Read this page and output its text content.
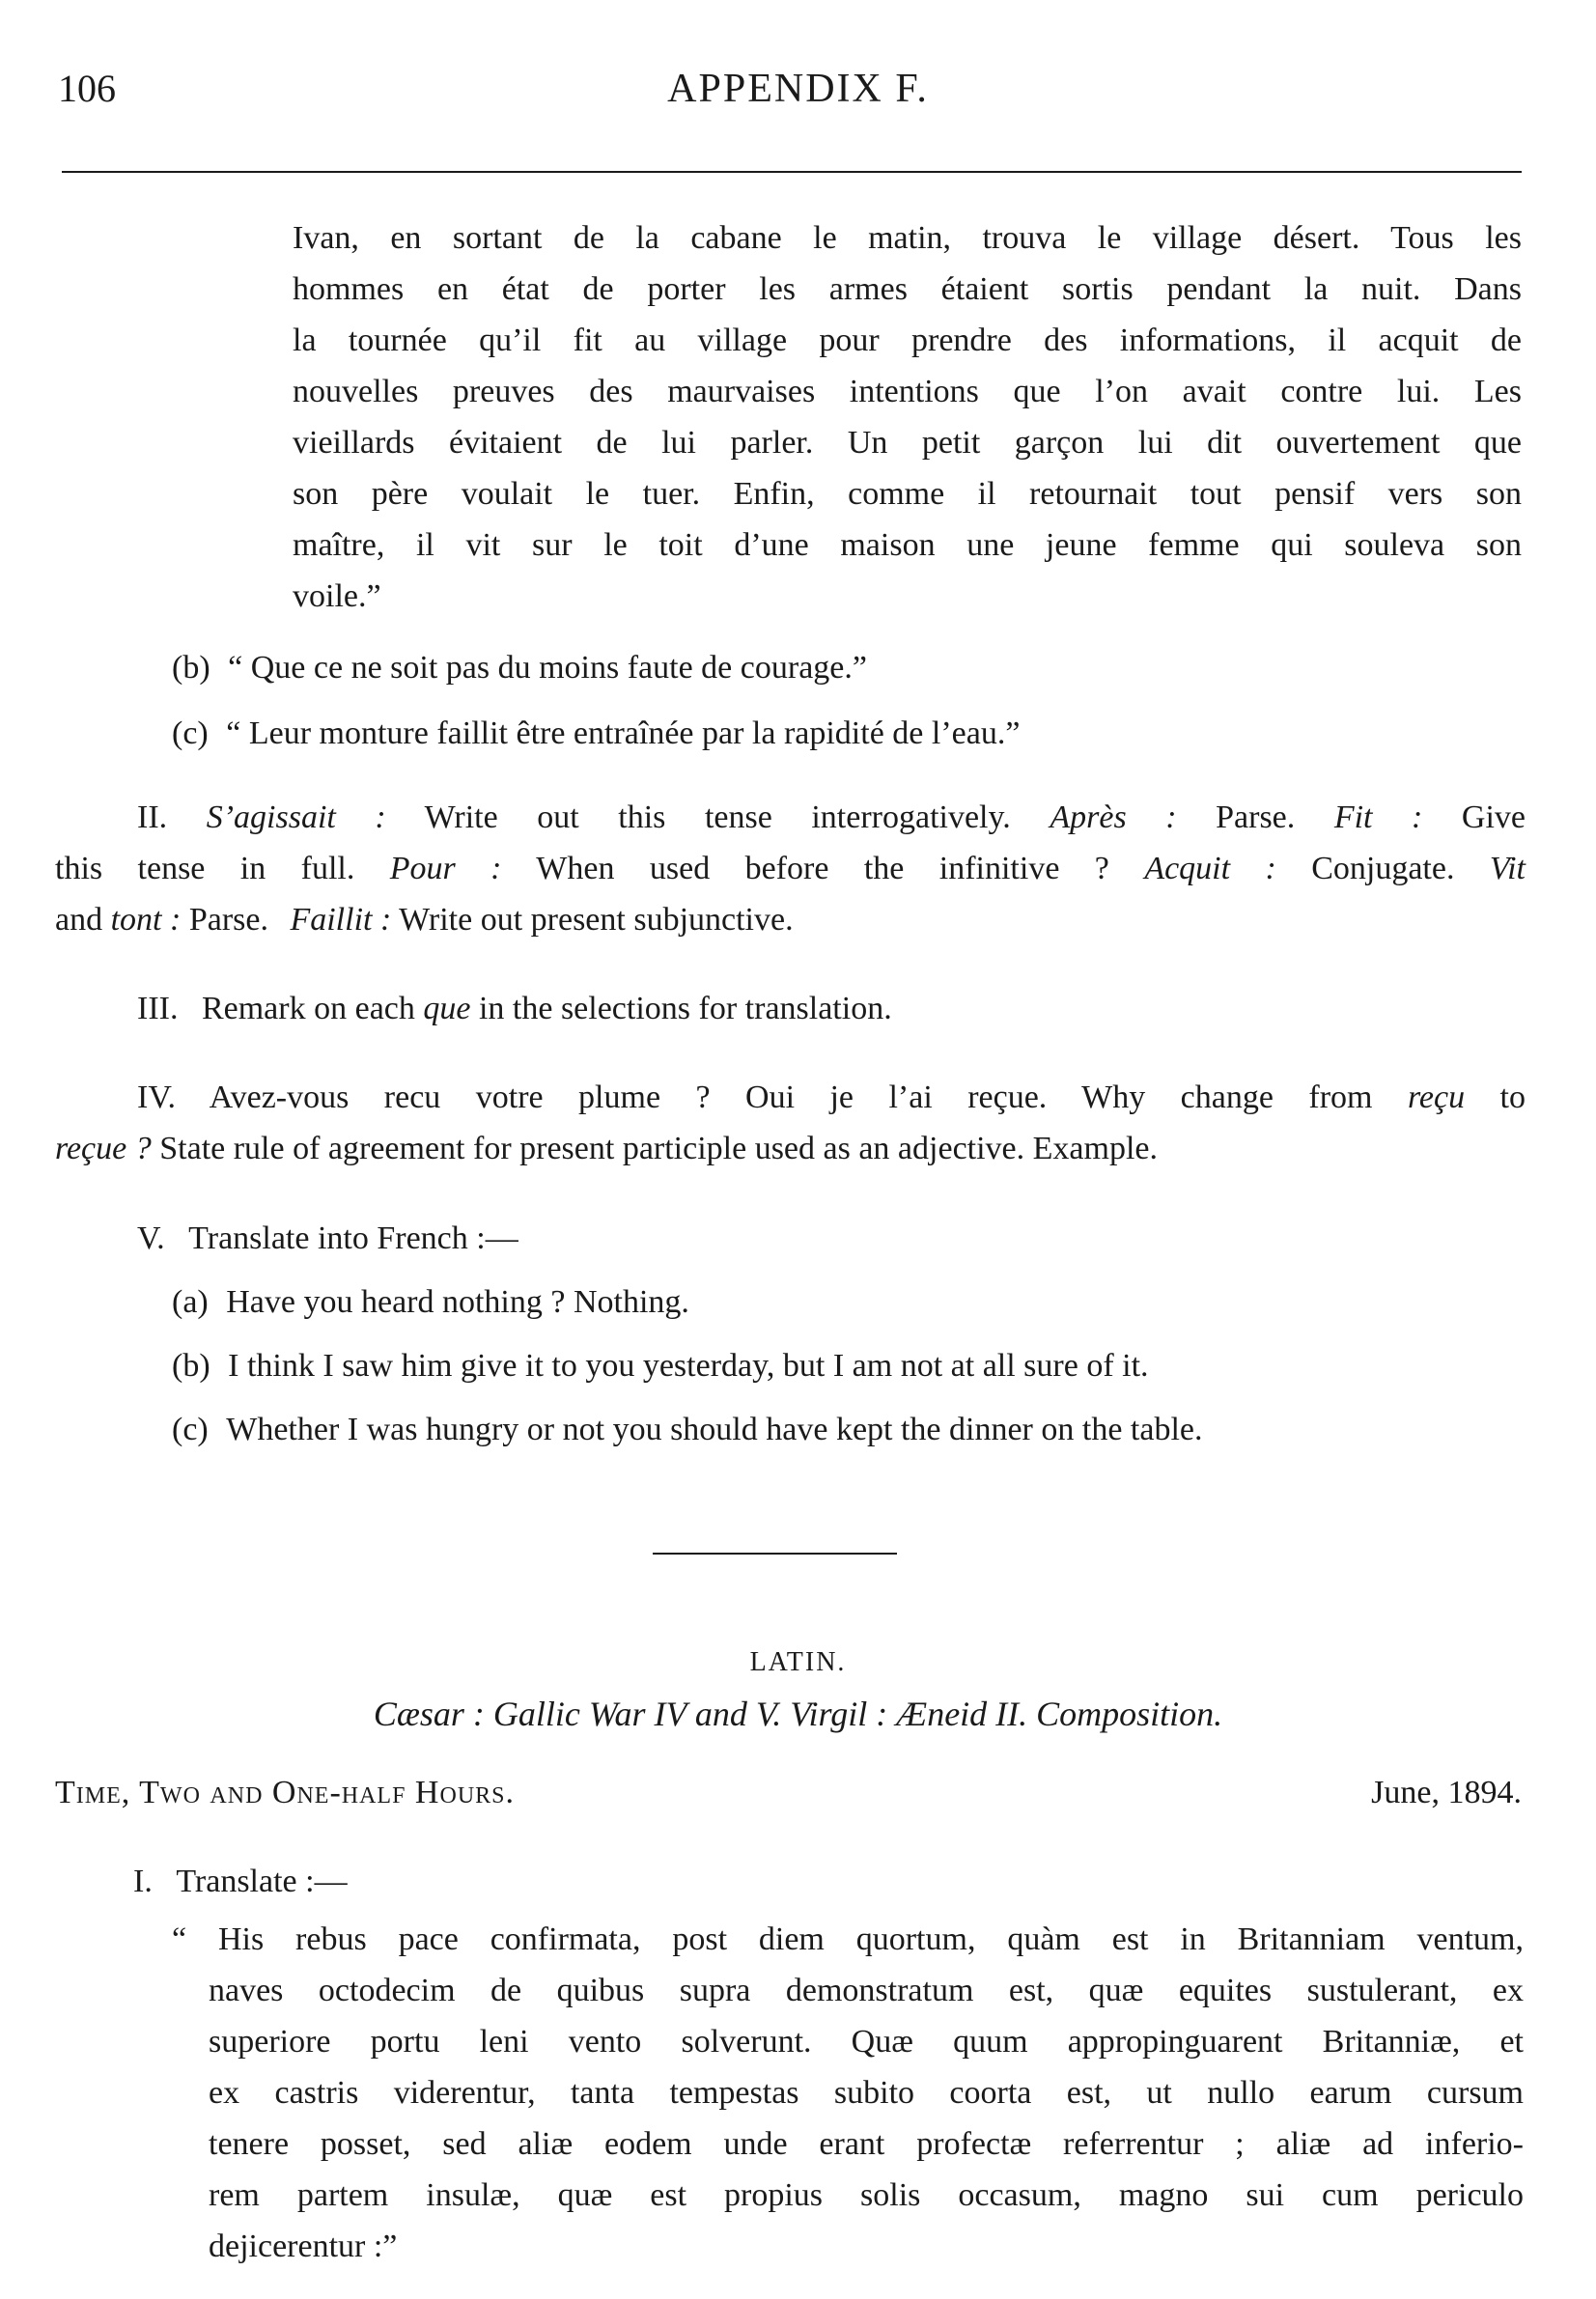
106	APPENDIX F.
Ivan, en sortant de la cabane le matin, trouva le village désert. Tous les
hommes en état de porter les armes étaient sortis pendant la nuit. Dans
la tournée qu’il fit au village pour prendre des informations, il acquit de
nouvelles preuves des maurvaises intentions que l’on avait contre lui. Les
vieillards évitaient de lui parler. Un petit garçon lui dit ouvertement que
son père voulait le tuer. Enfin, comme il retournait tout pensif vers son
maître, il vit sur le toit d’une maison une jeune femme qui souleva son
voile.”
(b) “ Que ce ne soit pas du moins faute de courage.”
(c) “ Leur monture faillit être entraînée par la rapidité de l’eau.”
II. S’agissait : Write out this tense interrogatively. Après : Parse. Fit : Give
this tense in full. Pour : When used before the infinitive ? Acquit : Conjugate. Vit
and tont : Parse. Faillit : Write out present subjunctive.
III. Remark on each que in the selections for translation.
IV. Avez-vous recu votre plume ? Oui je l’ai reçue. Why change from reçu to
reçue ? State rule of agreement for present participle used as an adjective. Example.
V. Translate into French :—
(a) Have you heard nothing ? Nothing.
(b) I think I saw him give it to you yesterday, but I am not at all sure of it.
(c) Whether I was hungry or not you should have kept the dinner on the table.
LATIN.
Cæsar : Gallic War IV and V. Virgil : Æneid II. Composition.
Time, Two and One-half Hours.	June, 1894.
I. Translate :—
“ His rebus pace confirmata, post diem quortum, quàm est in Britanniam ventum,
naves octodecim de quibus supra demonstratum est, quæ equites sustulerant, ex
superiore portu leni vento solverunt. Quæ quum appropinguarent Britanniæ, et
ex castris viderentur, tanta tempestas subito coorta est, ut nullo earum cursum
tenere posset, sed aliæ eodem unde erant profectæ referrentur ; aliæ ad inferio-
rem partem insulæ, quæ est propius solis occasum, magno sui cum periculo
dejicerentur :”
